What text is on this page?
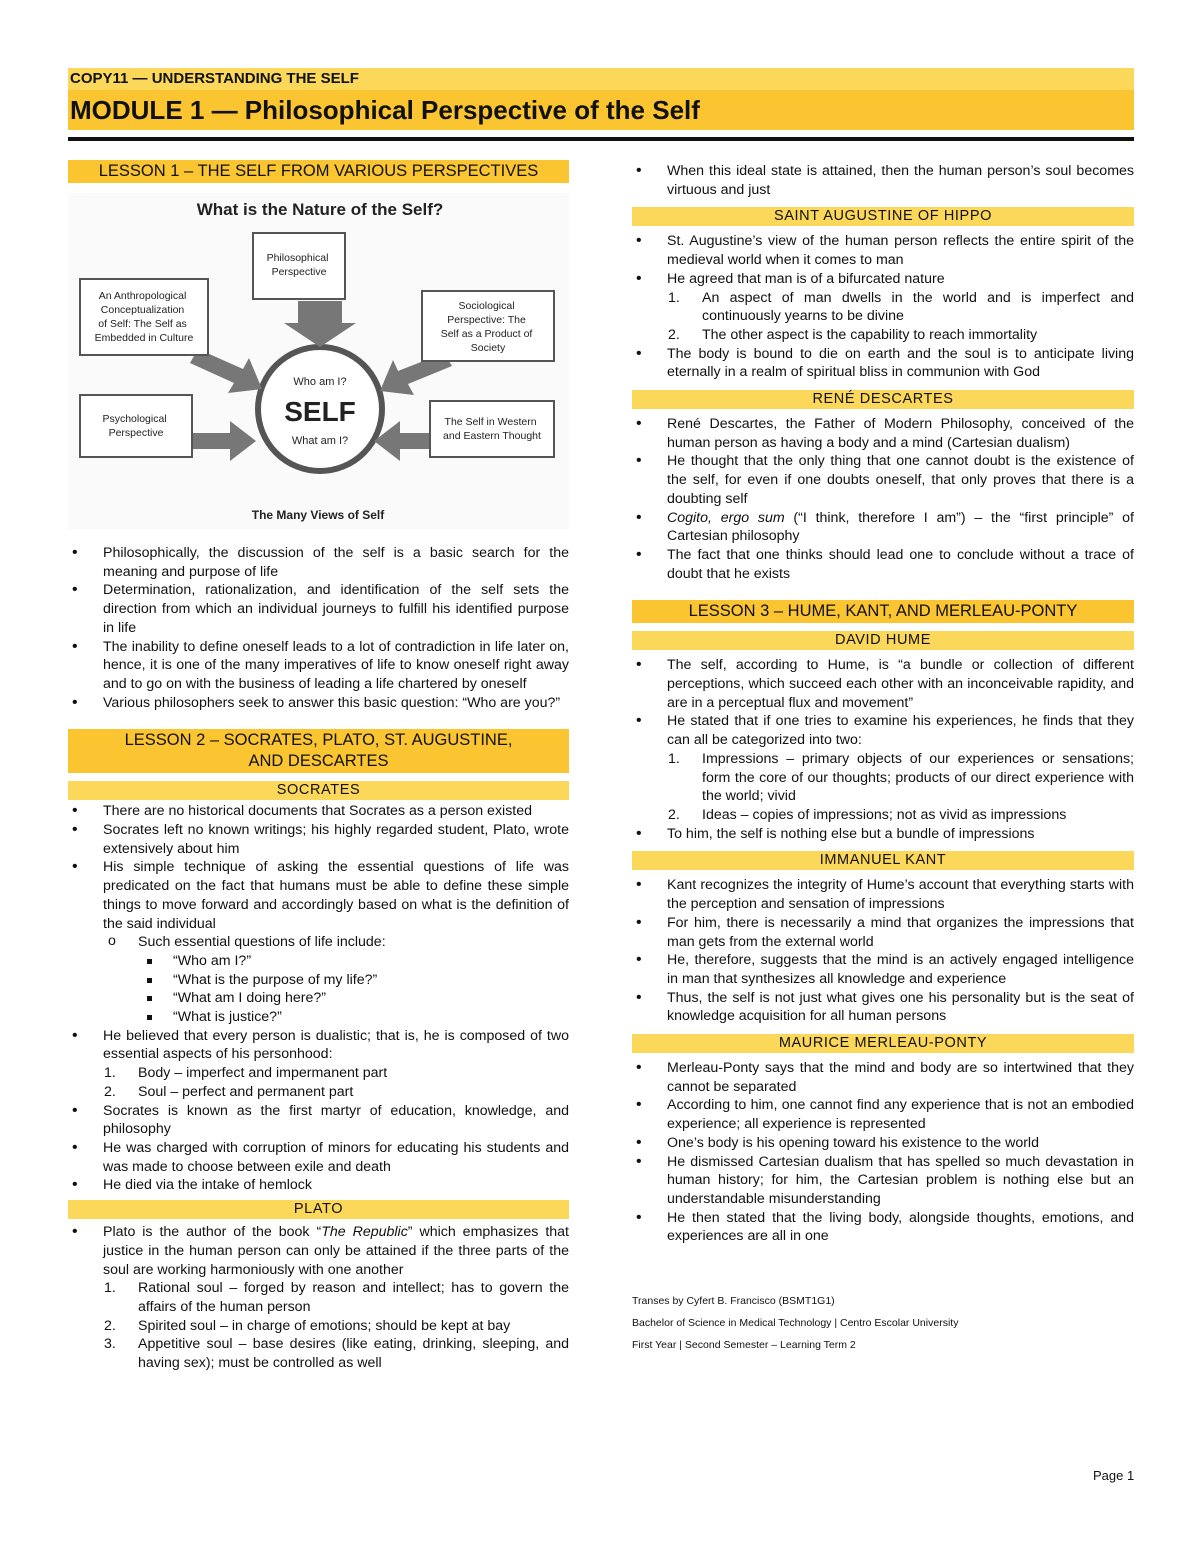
COPY11 — UNDERSTANDING THE SELF
MODULE 1 — Philosophical Perspective of the Self
LESSON 1 – THE SELF FROM VARIOUS PERSPECTIVES
What is the Nature of the Self?
Who am I?
SELF
What am I?
Philosophical Perspective
An Anthropological Conceptualization of Self: The Self as Embedded in Culture
Sociological Perspective: The Self as a Product of Society
Psychological Perspective
The Self in Western and Eastern Thought
The Many Views of Self
• Philosophically, the discussion of the self is a basic search for the meaning and purpose of life
• Determination, rationalization, and identification of the self sets the direction from which an individual journeys to fulfill his identified purpose in life
• The inability to define oneself leads to a lot of contradiction in life later on, hence, it is one of the many imperatives of life to know oneself right away and to go on with the business of leading a life chartered by oneself
• Various philosophers seek to answer this basic question: “Who are you?”
LESSON 2 – SOCRATES, PLATO, ST. AUGUSTINE,
AND DESCARTES
SOCRATES
• There are no historical documents that Socrates as a person existed
• Socrates left no known writings; his highly regarded student, Plato, wrote extensively about him
• His simple technique of asking the essential questions of life was predicated on the fact that humans must be able to define these simple things to move forward and accordingly based on what is the definition of the said individual
o Such essential questions of life include:
“Who am I?”
“What is the purpose of my life?”
“What am I doing here?”
“What is justice?”
• He believed that every person is dualistic; that is, he is composed of two essential aspects of his personhood:
1. Body – imperfect and impermanent part
2. Soul – perfect and permanent part
• Socrates is known as the first martyr of education, knowledge, and philosophy
• He was charged with corruption of minors for educating his students and was made to choose between exile and death
• He died via the intake of hemlock
PLATO
• Plato is the author of the book “The Republic” which emphasizes that justice in the human person can only be attained if the three parts of the soul are working harmoniously with one another
1. Rational soul – forged by reason and intellect; has to govern the affairs of the human person
2. Spirited soul – in charge of emotions; should be kept at bay
3. Appetitive soul – base desires (like eating, drinking, sleeping, and having sex); must be controlled as well
• When this ideal state is attained, then the human person’s soul becomes virtuous and just
SAINT AUGUSTINE OF HIPPO
• St. Augustine’s view of the human person reflects the entire spirit of the medieval world when it comes to man
• He agreed that man is of a bifurcated nature
1. An aspect of man dwells in the world and is imperfect and continuously yearns to be divine
2. The other aspect is the capability to reach immortality
• The body is bound to die on earth and the soul is to anticipate living eternally in a realm of spiritual bliss in communion with God
RENÉ DESCARTES
• René Descartes, the Father of Modern Philosophy, conceived of the human person as having a body and a mind (Cartesian dualism)
• He thought that the only thing that one cannot doubt is the existence of the self, for even if one doubts oneself, that only proves that there is a doubting self
• Cogito, ergo sum (“I think, therefore I am”) – the “first principle” of Cartesian philosophy
• The fact that one thinks should lead one to conclude without a trace of doubt that he exists
LESSON 3 – HUME, KANT, AND MERLEAU-PONTY
DAVID HUME
• The self, according to Hume, is “a bundle or collection of different perceptions, which succeed each other with an inconceivable rapidity, and are in a perceptual flux and movement”
• He stated that if one tries to examine his experiences, he finds that they can all be categorized into two:
1. Impressions – primary objects of our experiences or sensations; form the core of our thoughts; products of our direct experience with the world; vivid
2. Ideas – copies of impressions; not as vivid as impressions
• To him, the self is nothing else but a bundle of impressions
IMMANUEL KANT
• Kant recognizes the integrity of Hume’s account that everything starts with the perception and sensation of impressions
• For him, there is necessarily a mind that organizes the impressions that man gets from the external world
• He, therefore, suggests that the mind is an actively engaged intelligence in man that synthesizes all knowledge and experience
• Thus, the self is not just what gives one his personality but is the seat of knowledge acquisition for all human persons
MAURICE MERLEAU-PONTY
• Merleau-Ponty says that the mind and body are so intertwined that they cannot be separated
• According to him, one cannot find any experience that is not an embodied experience; all experience is represented
• One’s body is his opening toward his existence to the world
• He dismissed Cartesian dualism that has spelled so much devastation in human history; for him, the Cartesian problem is nothing else but an understandable misunderstanding
• He then stated that the living body, alongside thoughts, emotions, and experiences are all in one
Transes by Cyfert B. Francisco (BSMT1G1)
Bachelor of Science in Medical Technology | Centro Escolar University
First Year | Second Semester – Learning Term 2
Page 1
